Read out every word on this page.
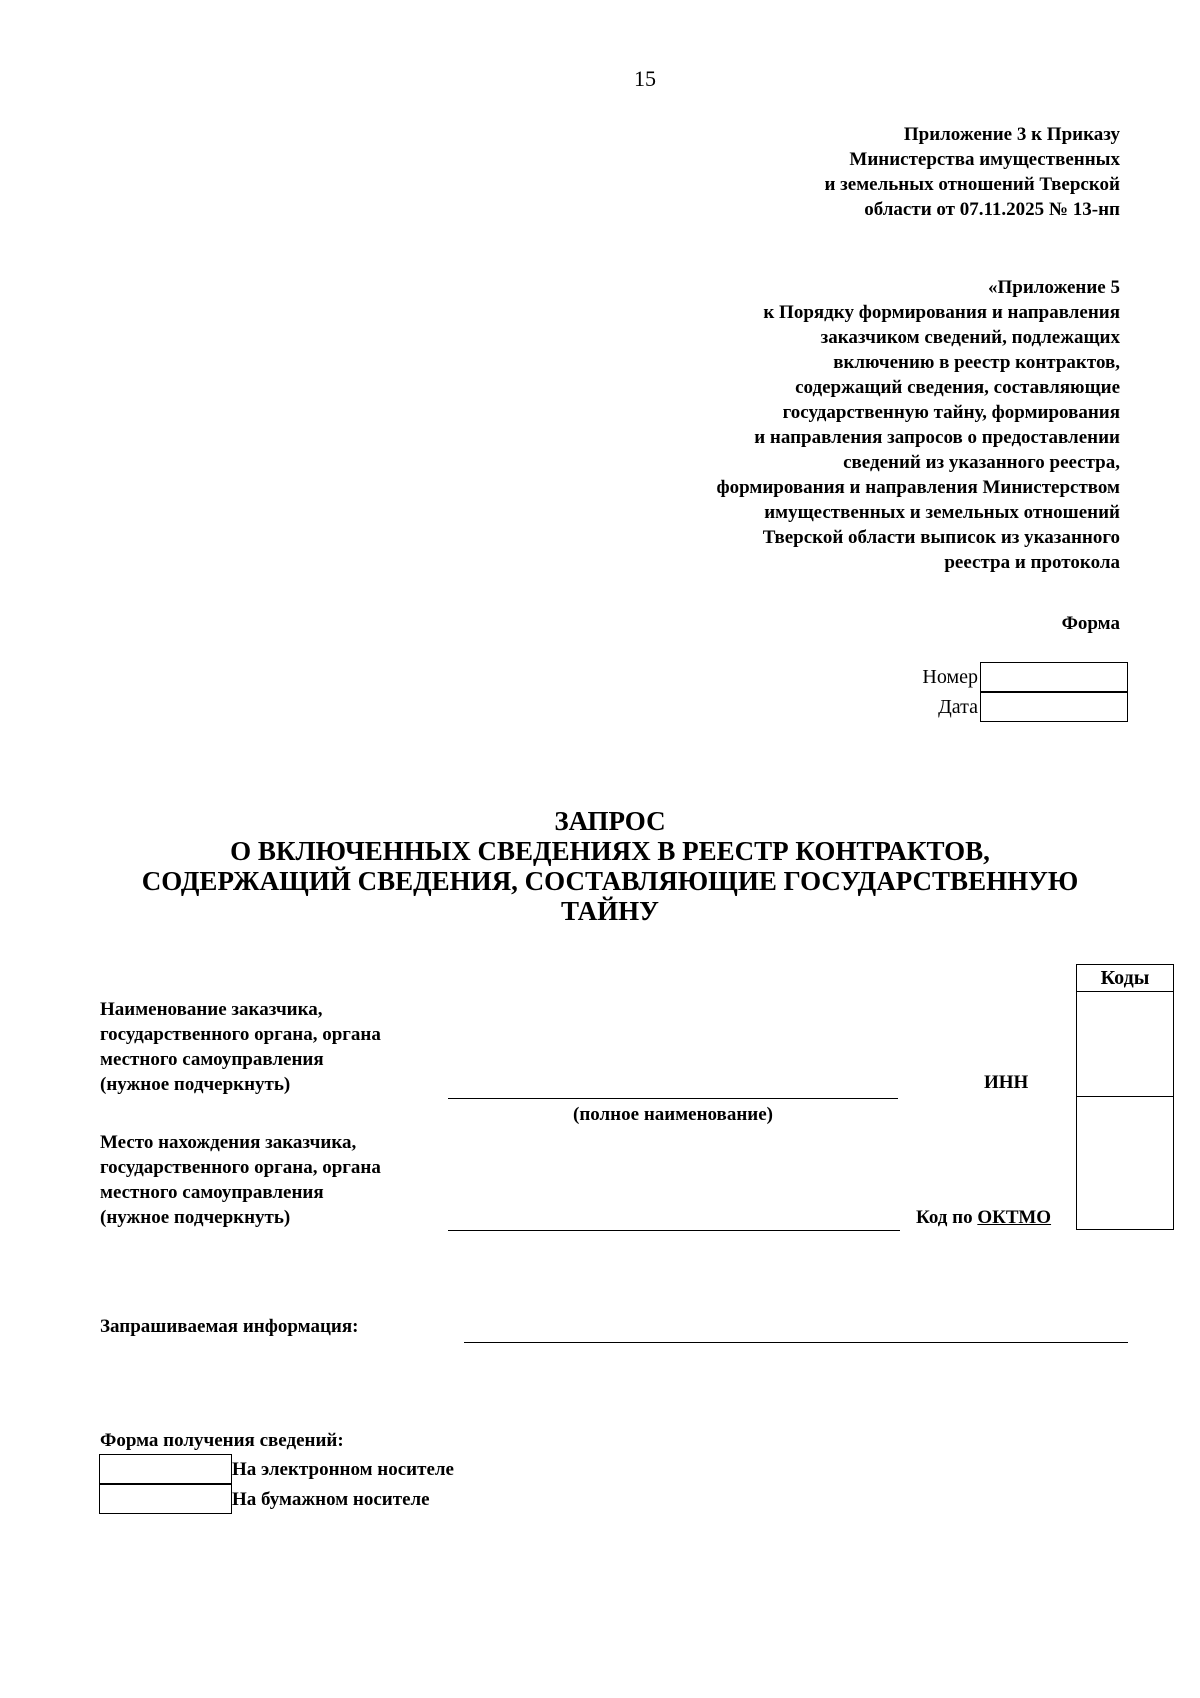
15
Приложение 3 к Приказу
Министерства имущественных
и земельных отношений Тверской
области от 07.11.2025 № 13-нп
«Приложение 5
к Порядку формирования и направления
заказчиком сведений, подлежащих
включению в реестр контрактов,
содержащий сведения, составляющие
государственную тайну, формирования
и направления запросов о предоставлении
сведений из указанного реестра,
формирования и направления Министерством
имущественных и земельных отношений
Тверской области выписок из указанного
реестра и протокола
Форма
Номер
Дата
ЗАПРОС
О ВКЛЮЧЕННЫХ СВЕДЕНИЯХ В РЕЕСТР КОНТРАКТОВ,
СОДЕРЖАЩИЙ СВЕДЕНИЯ, СОСТАВЛЯЮЩИЕ ГОСУДАРСТВЕННУЮ
ТАЙНУ
Коды

Наименование заказчика,
государственного органа, органа
местного самоуправления
(нужное подчеркнуть)
(полное наименование)
ИНН
Место нахождения заказчика,
государственного органа, органа
местного самоуправления
(нужное подчеркнуть)	Код по ОКТМО
Запрашиваемая информация:
Форма получения сведений:
На электронном носителе
На бумажном носителе
